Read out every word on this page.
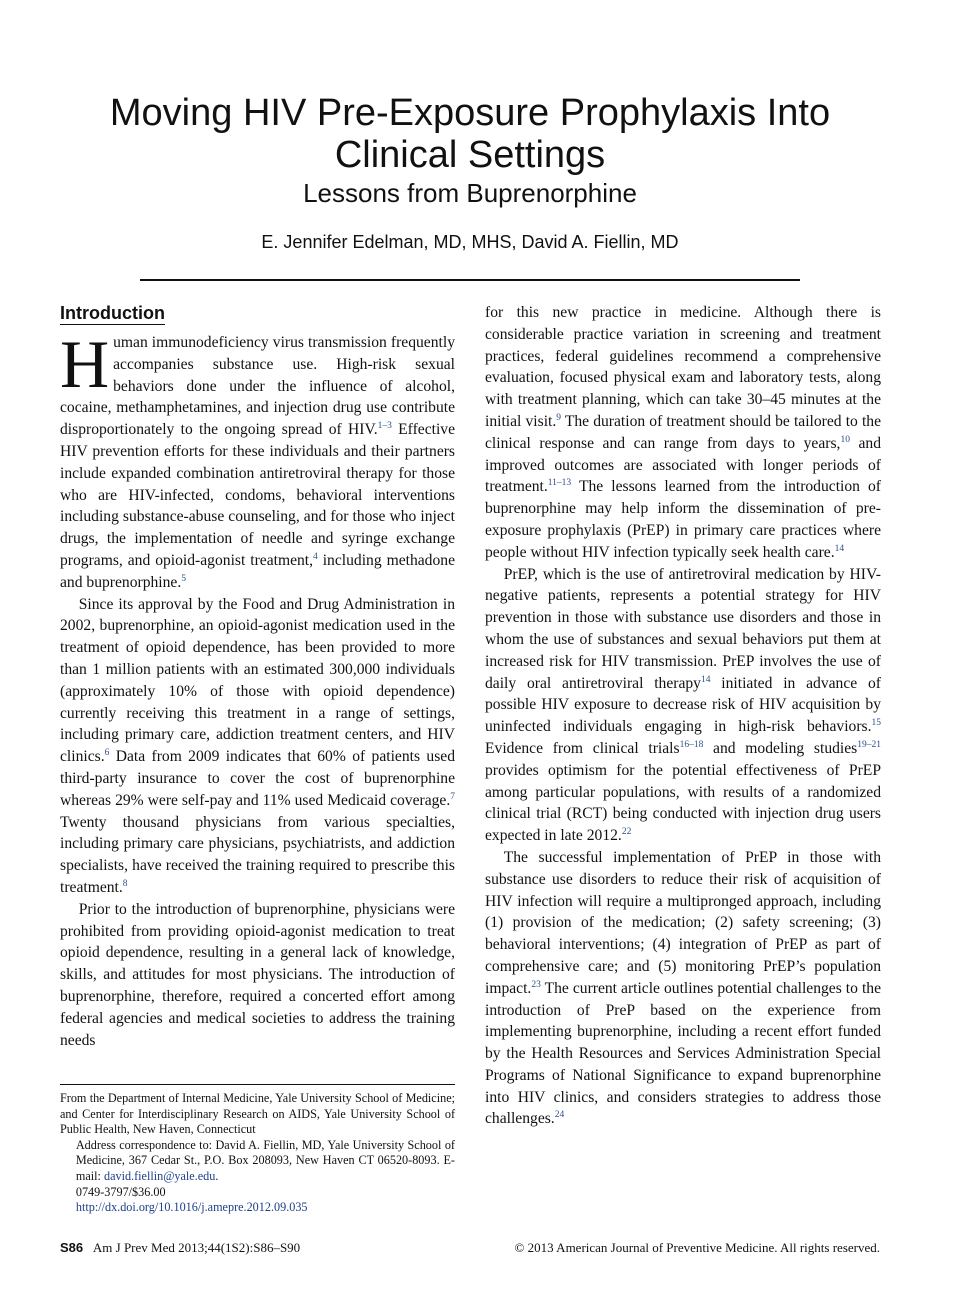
Moving HIV Pre-Exposure Prophylaxis Into Clinical Settings
Lessons from Buprenorphine
E. Jennifer Edelman, MD, MHS, David A. Fiellin, MD
Introduction

Human immunodeficiency virus transmission frequently accompanies substance use. High-risk sexual behaviors done under the influence of alcohol, cocaine, methamphetamines, and injection drug use contribute disproportionately to the ongoing spread of HIV.$^{1-3}$ Effective HIV prevention efforts for these individuals and their partners include expanded combination antiretroviral therapy for those who are HIV-infected, condoms, behavioral interventions including substance-abuse counseling, and for those who inject drugs, the implementation of needle and syringe exchange programs, and opioid-agonist treatment,$^4$ including methadone and buprenorphine.$^5$

Since its approval by the Food and Drug Administration in 2002, buprenorphine, an opioid-agonist medication used in the treatment of opioid dependence, has been provided to more than 1 million patients with an estimated 300,000 individuals (approximately 10% of those with opioid dependence) currently receiving this treatment in a range of settings, including primary care, addiction treatment centers, and HIV clinics.$^6$ Data from 2009 indicates that 60% of patients used third-party insurance to cover the cost of buprenorphine whereas 29% were self-pay and 11% used Medicaid coverage.$^7$ Twenty thousand physicians from various specialties, including primary care physicians, psychiatrists, and addiction specialists, have received the training required to prescribe this treatment.$^8$

Prior to the introduction of buprenorphine, physicians were prohibited from providing opioid-agonist medication to treat opioid dependence, resulting in a general lack of knowledge, skills, and attitudes for most physicians. The introduction of buprenorphine, therefore, required a concerted effort among federal agencies and medical societies to address the training needs

for this new practice in medicine. Although there is considerable practice variation in screening and treatment practices, federal guidelines recommend a comprehensive evaluation, focused physical exam and laboratory tests, along with treatment planning, which can take 30–45 minutes at the initial visit.$^9$ The duration of treatment should be tailored to the clinical response and can range from days to years,$^{10}$ and improved outcomes are associated with longer periods of treatment.$^{11-13}$ The lessons learned from the introduction of buprenorphine may help inform the dissemination of pre-exposure prophylaxis (PrEP) in primary care practices where people without HIV infection typically seek health care.$^{14}$

PrEP, which is the use of antiretroviral medication by HIV-negative patients, represents a potential strategy for HIV prevention in those with substance use disorders and those in whom the use of substances and sexual behaviors put them at increased risk for HIV transmission. PrEP involves the use of daily oral antiretroviral therapy$^{14}$ initiated in advance of possible HIV exposure to decrease risk of HIV acquisition by uninfected individuals engaging in high-risk behaviors.$^{15}$ Evidence from clinical trials$^{16-18}$ and modeling studies$^{19-21}$ provides optimism for the potential effectiveness of PrEP among particular populations, with results of a randomized clinical trial (RCT) being conducted with injection drug users expected in late 2012.22

The successful implementation of PrEP in those with substance use disorders to reduce their risk of acquisition of HIV infection will require a multipronged approach, including (1) provision of the medication; (2) safety screening; (3) behavioral interventions; (4) integration of PrEP as part of comprehensive care; and (5) monitoring PrEP’s population impact.$^{23}$ The current article outlines potential challenges to the introduction of PreP based on the experience from implementing buprenorphine, including a recent effort funded by the Health Resources and Services Administration Special Programs of National Significance to expand buprenorphine into HIV clinics, and considers strategies to address those challenges.$^{24}$

From the Department of Internal Medicine, Yale University School of Medicine; and Center for Interdisciplinary Research on AIDS, Yale University School of Public Health, New Haven, Connecticut

Address correspondence to: David A. Fiellin, MD, Yale University School of Medicine, 367 Cedar St., P.O. Box 208093, New Haven CT 06520-8093. E-mail: david.fiellin@yale.edu.

0749-3797/$36.00

http://dx.doi.org/10.1016/j.amepre.2012.09.035

S86 Am J Prev Med 2013;44(1S2):S86–S90	© 2013 American Journal of Preventive Medicine. All rights reserved.
